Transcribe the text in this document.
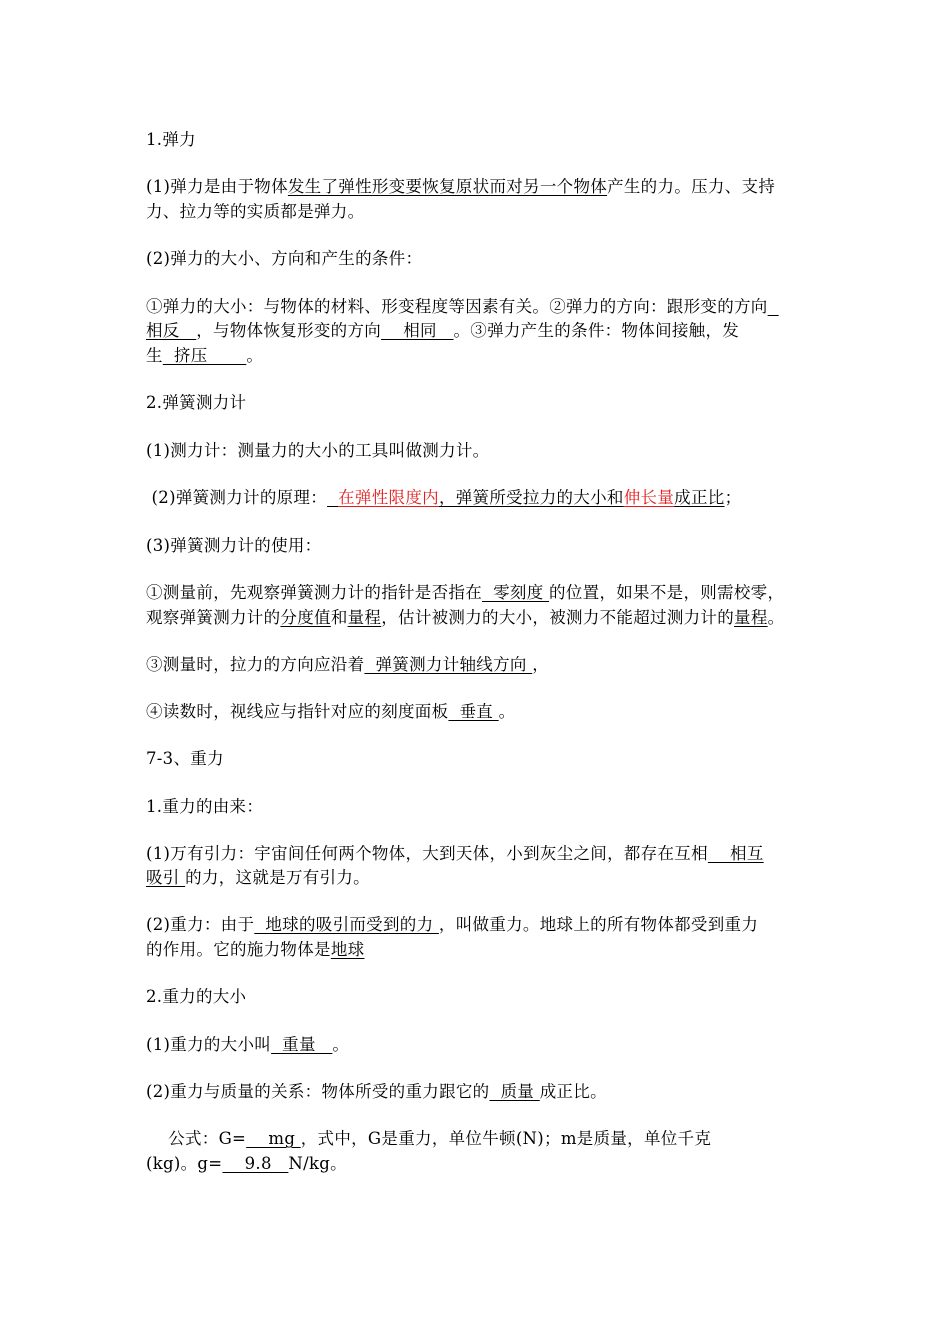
1.弹力
(1)弹力是由于物体发生了弹性形变要恢复原状而对另一个物体产生的力。压力、支持
力、拉力等的实质都是弹力。
(2)弹力的大小、方向和产生的条件：
①弹力的大小：与物体的材料、形变程度等因素有关。②弹力的方向：跟形变的方向
相反   ，与物体恢复形变的方向    相同   。③弹力产生的条件：物体间接触，发
生  挤压       。
2.弹簧测力计
(1)测力计：测量力的大小的工具叫做测力计。
(2)弹簧测力计的原理： 在弹性限度内，弹簧所受拉力的大小和伸长量成正比；
(3)弹簧测力计的使用：
①测量前，先观察弹簧测力计的指针是否指在  零刻度 的位置，如果不是，则需校零，
观察弹簧测力计的分度值和量程，估计被测力的大小，被测力不能超过测力计的量程。
③测量时，拉力的方向应沿着  弹簧测力计轴线方向 ，
④读数时，视线应与指针对应的刻度面板  垂直 。
7-3、重力
1.重力的由来：
(1)万有引力：宇宙间任何两个物体，大到天体，小到灰尘之间，都存在互相    相互
吸引 的力，这就是万有引力。
(2)重力：由于  地球的吸引而受到的力 ，叫做重力。地球上的所有物体都受到重力
的作用。它的施力物体是地球
2.重力的大小
(1)重力的大小叫  重量   。
(2)重力与质量的关系：物体所受的重力跟它的  质量 成正比。
公式：G=    mg ，式中，G是重力，单位牛顿(N)；m是质量，单位千克
(kg)。g=    9.8   N/kg。
